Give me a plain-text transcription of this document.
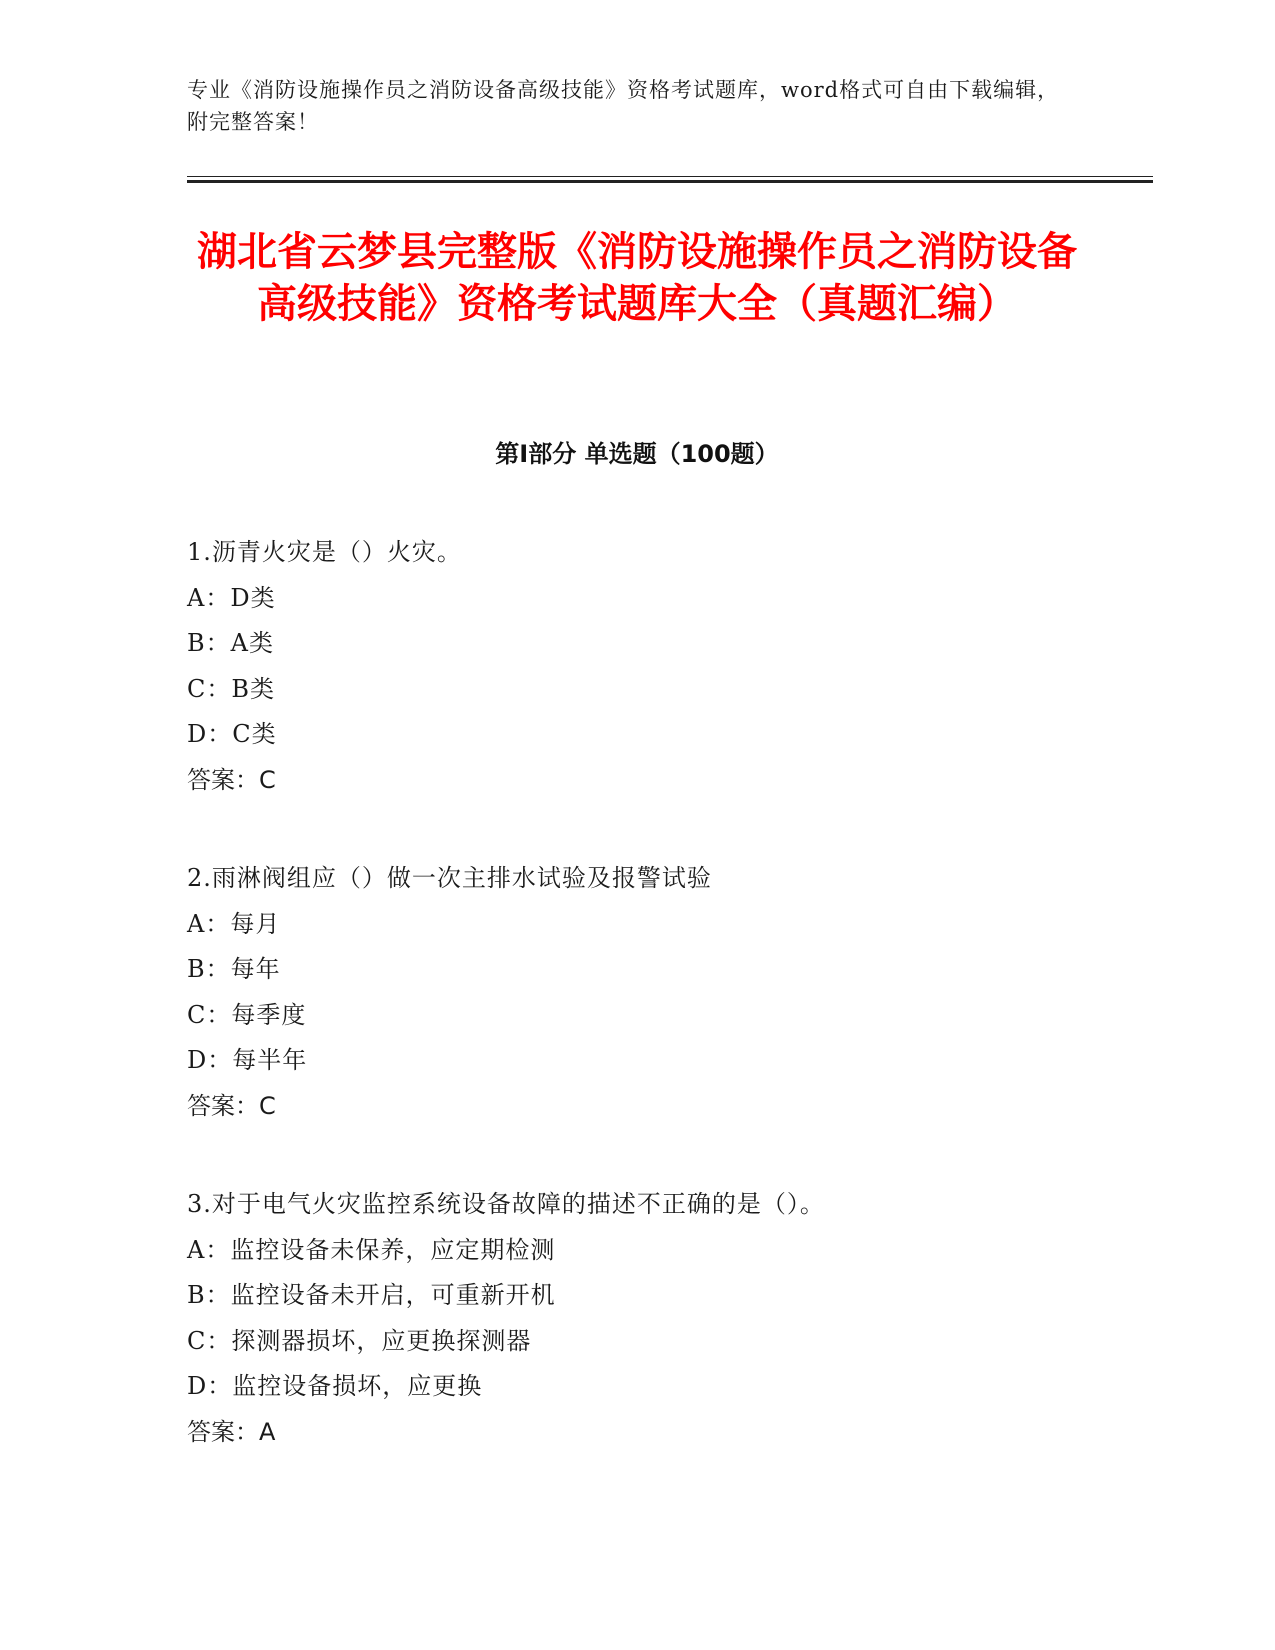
专业《消防设施操作员之消防设备高级技能》资格考试题库，word格式可自由下载编辑，附完整答案！
湖北省云梦县完整版《消防设施操作员之消防设备高级技能》资格考试题库大全（真题汇编）
第I部分 单选题（100题）
1.沥青火灾是（）火灾。
A：D类
B：A类
C：B类
D：C类
答案：C
2.雨淋阀组应（）做一次主排水试验及报警试验
A：每月
B：每年
C：每季度
D：每半年
答案：C
3.对于电气火灾监控系统设备故障的描述不正确的是（）。
A：监控设备未保养，应定期检测
B：监控设备未开启，可重新开机
C：探测器损坏，应更换探测器
D：监控设备损坏，应更换
答案：A
